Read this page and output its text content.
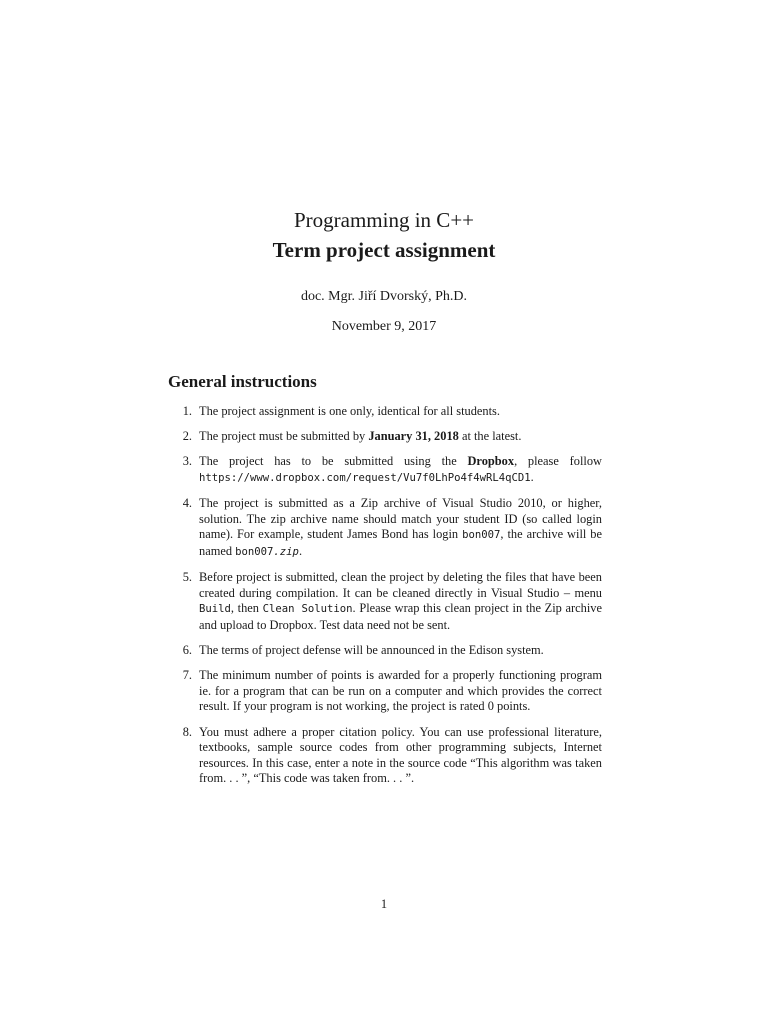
Programming in C++
Term project assignment
doc. Mgr. Jiří Dvorský, Ph.D.
November 9, 2017
General instructions
1. The project assignment is one only, identical for all students.
2. The project must be submitted by January 31, 2018 at the latest.
3. The project has to be submitted using the Dropbox, please follow https://www.dropbox.com/request/Vu7f0LhPo4f4wRL4qCD1.
4. The project is submitted as a Zip archive of Visual Studio 2010, or higher, solution. The zip archive name should match your student ID (so called login name). For example, student James Bond has login bon007, the archive will be named bon007.zip.
5. Before project is submitted, clean the project by deleting the files that have been created during compilation. It can be cleaned directly in Visual Studio – menu Build, then Clean Solution. Please wrap this clean project in the Zip archive and upload to Dropbox. Test data need not be sent.
6. The terms of project defense will be announced in the Edison system.
7. The minimum number of points is awarded for a properly functioning program ie. for a program that can be run on a computer and which provides the correct result. If your program is not working, the project is rated 0 points.
8. You must adhere a proper citation policy. You can use professional literature, textbooks, sample source codes from other programming subjects, Internet resources. In this case, enter a note in the source code “This algorithm was taken from. . . ”, “This code was taken from. . . ”.
1
